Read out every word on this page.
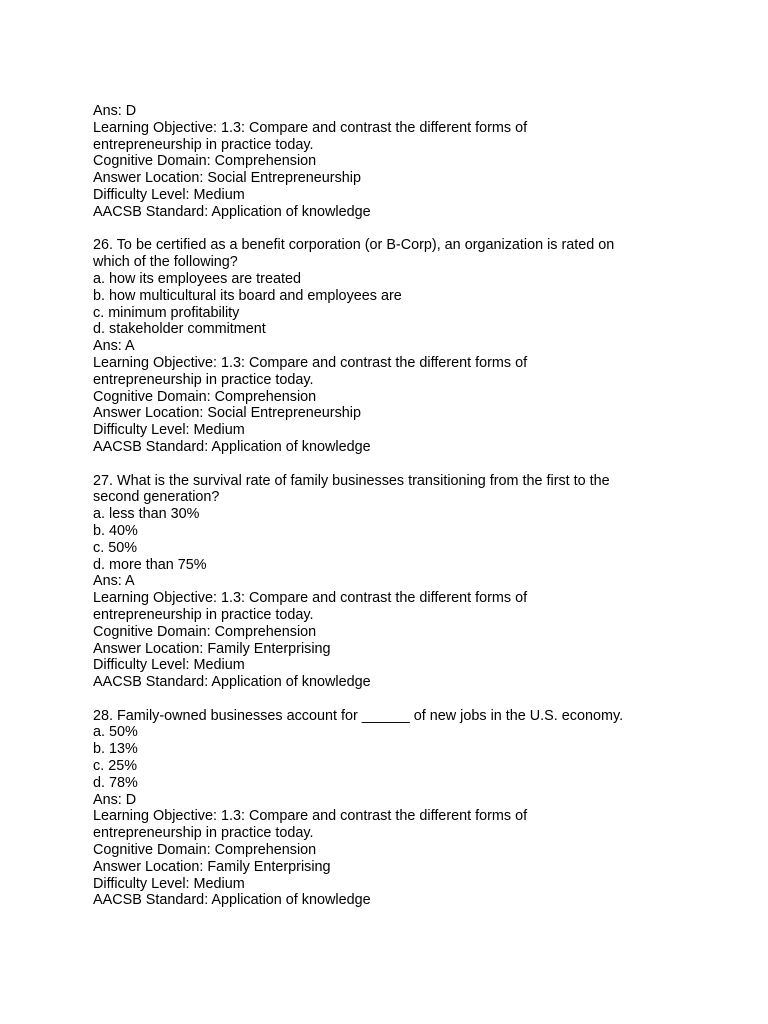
Ans: D
Learning Objective: 1.3: Compare and contrast the different forms of
entrepreneurship in practice today.
Cognitive Domain: Comprehension
Answer Location: Social Entrepreneurship
Difficulty Level: Medium
AACSB Standard: Application of knowledge
26. To be certified as a benefit corporation (or B-Corp), an organization is rated on
which of the following?
a. how its employees are treated
b. how multicultural its board and employees are
c. minimum profitability
d. stakeholder commitment
Ans: A
Learning Objective: 1.3: Compare and contrast the different forms of
entrepreneurship in practice today.
Cognitive Domain: Comprehension
Answer Location: Social Entrepreneurship
Difficulty Level: Medium
AACSB Standard: Application of knowledge
27. What is the survival rate of family businesses transitioning from the first to the
second generation?
a. less than 30%
b. 40%
c. 50%
d. more than 75%
Ans: A
Learning Objective: 1.3: Compare and contrast the different forms of
entrepreneurship in practice today.
Cognitive Domain: Comprehension
Answer Location: Family Enterprising
Difficulty Level: Medium
AACSB Standard: Application of knowledge
28. Family-owned businesses account for ______ of new jobs in the U.S. economy.
a. 50%
b. 13%
c. 25%
d. 78%
Ans: D
Learning Objective: 1.3: Compare and contrast the different forms of
entrepreneurship in practice today.
Cognitive Domain: Comprehension
Answer Location: Family Enterprising
Difficulty Level: Medium
AACSB Standard: Application of knowledge
